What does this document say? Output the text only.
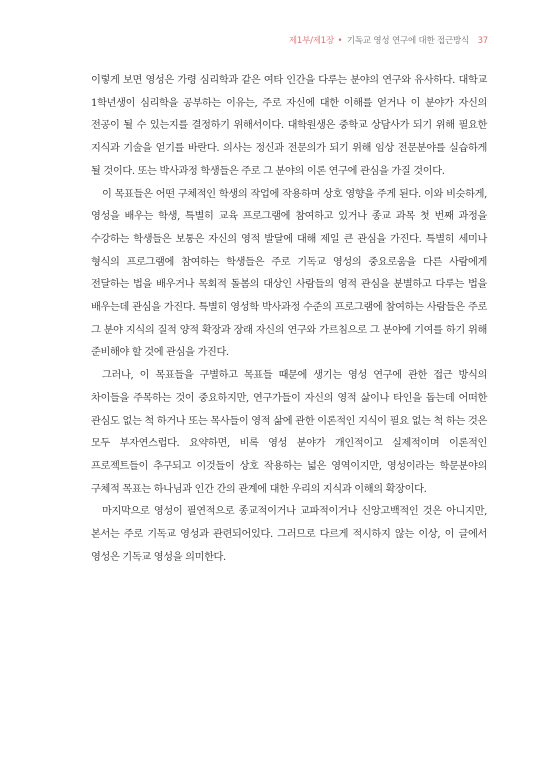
제1부/제1장 • 기독교 영성 연구에 대한 접근방식 37

이렇게 보면 영성은 가령 심리학과 같은 여타 인간을 다루는 분야의 연구와 유사하다. 대학교 1학년생이 심리학을 공부하는 이유는, 주로 자신에 대한 이해를 얻거나 이 분야가 자신의 전공이 될 수 있는지를 결정하기 위해서이다. 대학원생은 중학교 상담사가 되기 위해 필요한 지식과 기술을 얻기를 바란다. 의사는 정신과 전문의가 되기 위해 임상 전문분야를 실습하게 될 것이다. 또는 박사과정 학생들은 주로 그 분야의 이론 연구에 관심을 가질 것이다.

이 목표들은 어떤 구체적인 학생의 작업에 작용하며 상호 영향을 주게 된다. 이와 비슷하게, 영성을 배우는 학생, 특별히 교육 프로그램에 참여하고 있거나 종교 과목 첫 번째 과정을 수강하는 학생들은 보통은 자신의 영적 발달에 대해 제일 큰 관심을 가진다. 특별히 세미나 형식의 프로그램에 참여하는 학생들은 주로 기독교 영성의 중요로움을 다른 사람에게 전달하는 법을 배우거나 목회적 돌봄의 대상인 사람들의 영적 관심을 분별하고 다루는 법을 배우는데 관심을 가진다. 특별히 영성학 박사과정 수준의 프로그램에 참여하는 사람들은 주로 그 분야 지식의 질적 양적 확장과 장래 자신의 연구와 가르침으로 그 분야에 기여를 하기 위해 준비해야 할 것에 관심을 가진다.

그러나, 이 목표들을 구별하고 목표들 때문에 생기는 영성 연구에 관한 접근 방식의 차이들을 주목하는 것이 중요하지만, 연구가들이 자신의 영적 삶이나 타인을 돕는데 어떠한 관심도 없는 척 하거나 또는 목사들이 영적 삶에 관한 이론적인 지식이 필요 없는 척 하는 것은 모두 부자연스럽다. 요약하면, 비록 영성 분야가 개인적이고 실제적이며 이론적인 프로젝트들이 추구되고 이것들이 상호 작용하는 넓은 영역이지만, 영성이라는 학문분야의 구체적 목표는 하나님과 인간 간의 관계에 대한 우리의 지식과 이해의 확장이다.

마지막으로 영성이 필연적으로 종교적이거나 교파적이거나 신앙고백적인 것은 아니지만, 본서는 주로 기독교 영성과 관련되어있다. 그러므로 다르게 적시하지 않는 이상, 이 글에서 영성은 기독교 영성을 의미한다.
